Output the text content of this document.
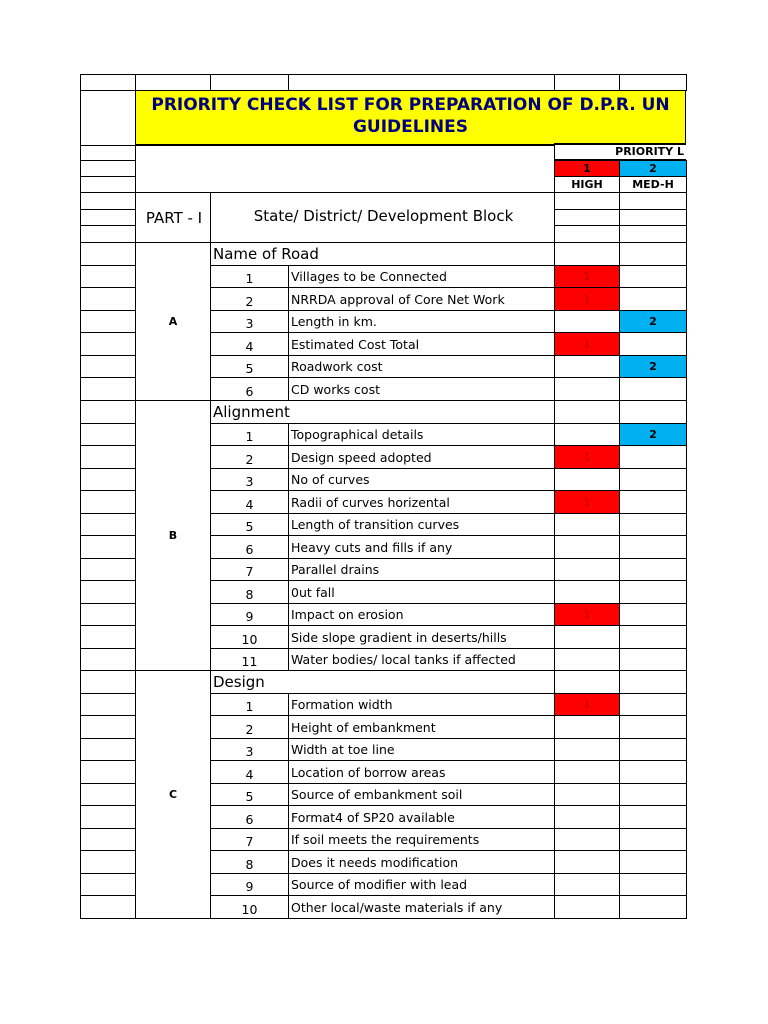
PRIORITY CHECK LIST FOR PREPARATION OF D.P.R. UN
GUIDELINES
PRIORITY L
1
HIGH
2
MED-H
PART - I	State/ District/ Development Block
Name of Road
A
1	Villages to be Connected	1
2	NRRDA approval of Core Net Work	1
3	Length in km.	2
4	Estimated Cost Total	1
5	Roadwork cost	2
6	CD works cost
Alignment
B
1	Topographical details	2
2	Design speed adopted	1
3	No of curves
4	Radii of curves horizental	1
5	Length of transition curves
6	Heavy cuts and fills if any
7	Parallel drains
8	0ut fall
9	Impact on erosion	1
10	Side slope gradient in deserts/hills
11	Water bodies/ local tanks if affected
Design
C
1	Formation width	1
2	Height of embankment
3	Width at toe line
4	Location of borrow areas
5	Source of embankment soil
6	Format4 of SP20 available
7	If soil meets the requirements
8	Does it needs modification
9	Source of modifier with lead
10	Other local/waste materials if any
